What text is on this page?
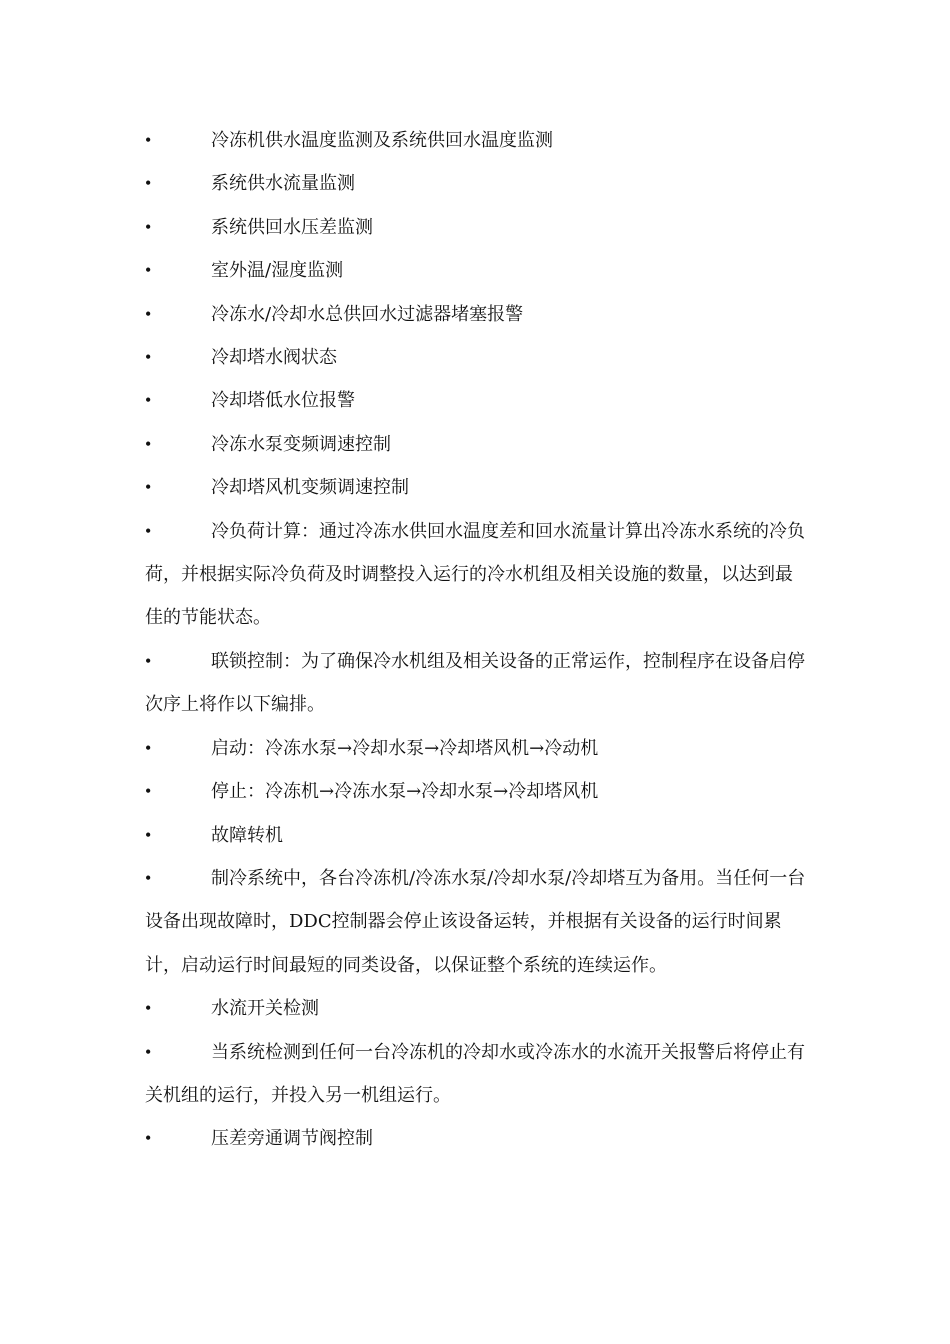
•	冷冻机供水温度监测及系统供回水温度监测

•	系统供水流量监测

•	系统供回水压差监测

•	室外温/湿度监测

•	冷冻水/冷却水总供回水过滤器堵塞报警

•	冷却塔水阀状态

•	冷却塔低水位报警

•	冷冻水泵变频调速控制

•	冷却塔风机变频调速控制

•	冷负荷计算：通过冷冻水供回水温度差和回水流量计算出冷冻水系统的冷负荷，并根据实际冷负荷及时调整投入运行的冷水机组及相关设施的数量，以达到最佳的节能状态。

•	联锁控制：为了确保冷水机组及相关设备的正常运作，控制程序在设备启停次序上将作以下编排。

•	启动：冷冻水泵→冷却水泵→冷却塔风机→冷动机

•	停止：冷冻机→冷冻水泵→冷却水泵→冷却塔风机

•	故障转机

•	制冷系统中，各台冷冻机/冷冻水泵/冷却水泵/冷却塔互为备用。当任何一台设备出现故障时，DDC控制器会停止该设备运转，并根据有关设备的运行时间累计，启动运行时间最短的同类设备，以保证整个系统的连续运作。

•	水流开关检测

•	当系统检测到任何一台冷冻机的冷却水或冷冻水的水流开关报警后将停止有关机组的运行，并投入另一机组运行。

•	压差旁通调节阀控制
